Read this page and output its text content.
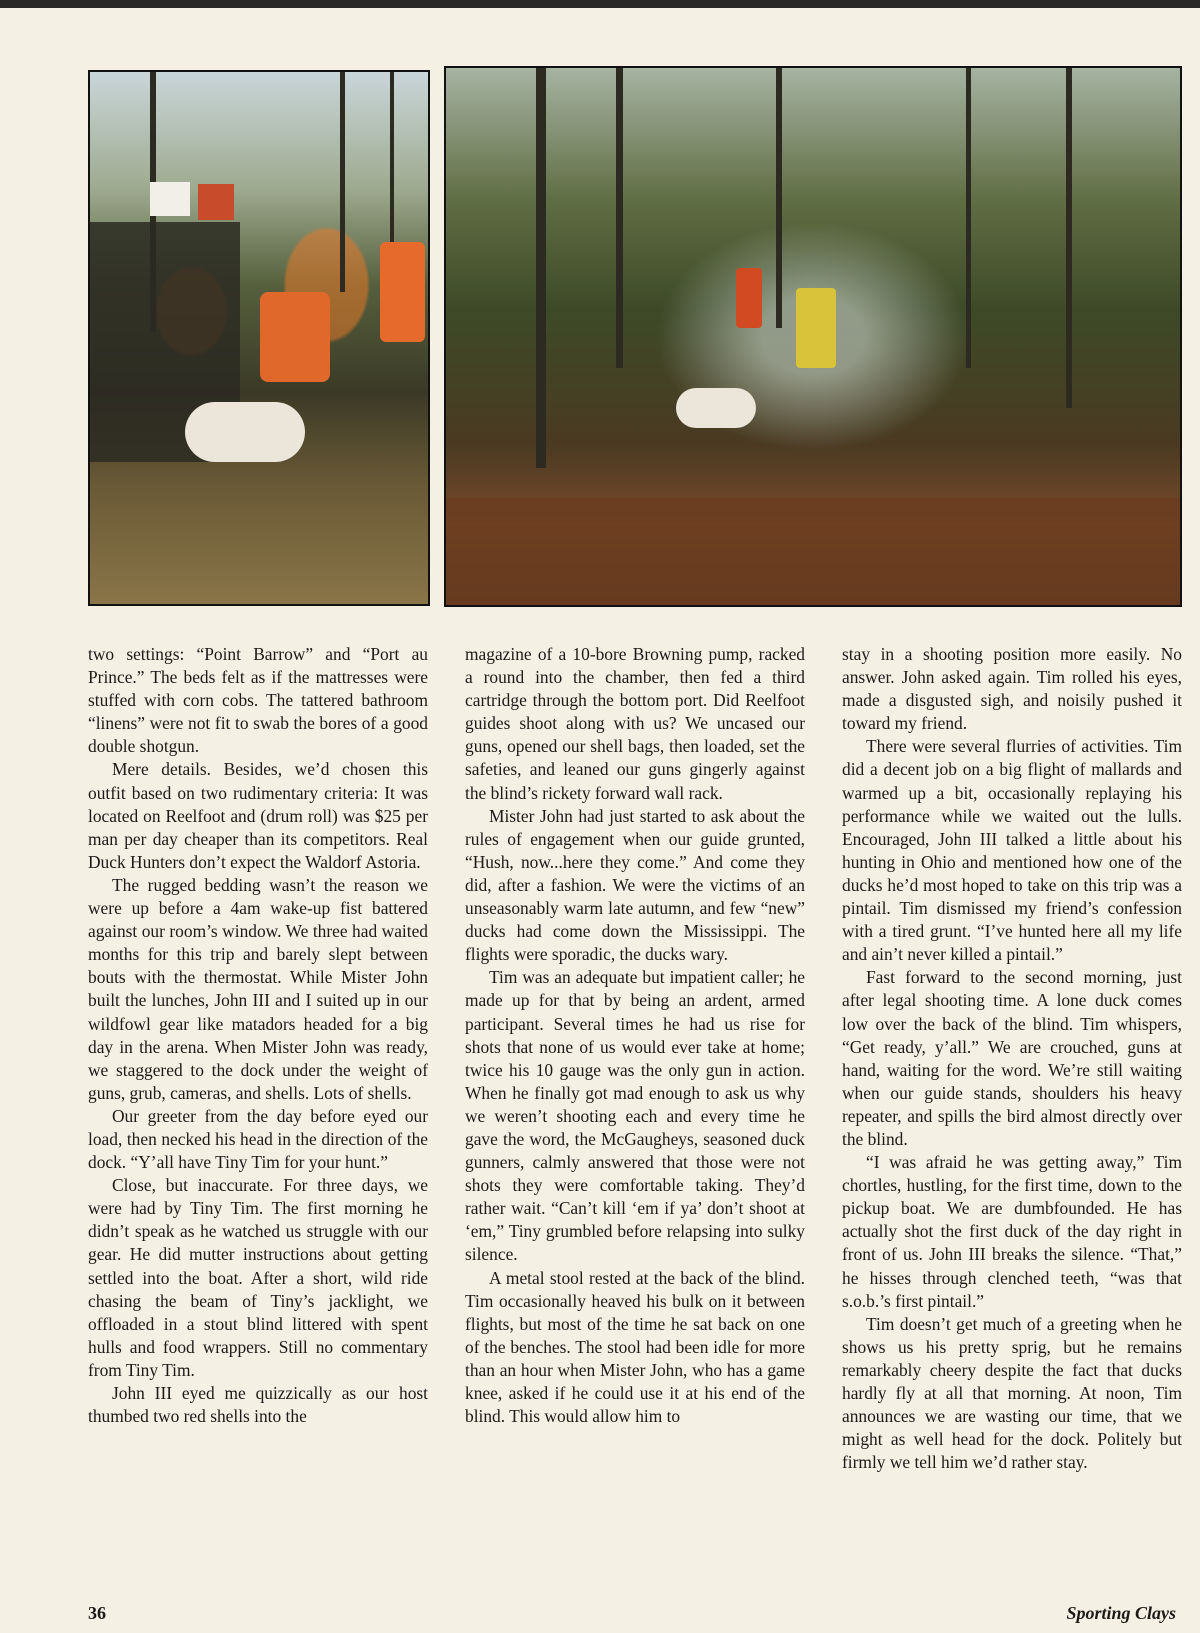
two settings: “Point Barrow” and “Port au Prince.” The beds felt as if the mattresses were stuffed with corn cobs. The tattered bathroom “linens” were not fit to swab the bores of a good double shotgun.

Mere details. Besides, we’d chosen this outfit based on two rudimentary criteria: It was located on Reelfoot and (drum roll) was $25 per man per day cheaper than its competitors. Real Duck Hunters don’t expect the Waldorf Astoria.

The rugged bedding wasn’t the reason we were up before a 4am wake-up fist battered against our room’s window. We three had waited months for this trip and barely slept between bouts with the thermostat. While Mister John built the lunches, John III and I suited up in our wildfowl gear like matadors headed for a big day in the arena. When Mister John was ready, we staggered to the dock under the weight of guns, grub, cameras, and shells. Lots of shells.

Our greeter from the day before eyed our load, then necked his head in the direction of the dock. “Y’all have Tiny Tim for your hunt.”

Close, but inaccurate. For three days, we were had by Tiny Tim. The first morning he didn’t speak as he watched us struggle with our gear. He did mutter instructions about getting settled into the boat. After a short, wild ride chasing the beam of Tiny’s jacklight, we offloaded in a stout blind littered with spent hulls and food wrappers. Still no commentary from Tiny Tim.

John III eyed me quizzically as our host thumbed two red shells into the

magazine of a 10-bore Browning pump, racked a round into the chamber, then fed a third cartridge through the bottom port. Did Reelfoot guides shoot along with us? We uncased our guns, opened our shell bags, then loaded, set the safeties, and leaned our guns gingerly against the blind’s rickety forward wall rack.

Mister John had just started to ask about the rules of engagement when our guide grunted, “Hush, now...here they come.” And come they did, after a fashion. We were the victims of an unseasonably warm late autumn, and few “new” ducks had come down the Mississippi. The flights were sporadic, the ducks wary.

Tim was an adequate but impatient caller; he made up for that by being an ardent, armed participant. Several times he had us rise for shots that none of us would ever take at home; twice his 10 gauge was the only gun in action. When he finally got mad enough to ask us why we weren’t shooting each and every time he gave the word, the McGaugheys, seasoned duck gunners, calmly answered that those were not shots they were comfortable taking. They’d rather wait. “Can’t kill ‘em if ya’ don’t shoot at ‘em,” Tiny grumbled before relapsing into sulky silence.

A metal stool rested at the back of the blind. Tim occasionally heaved his bulk on it between flights, but most of the time he sat back on one of the benches. The stool had been idle for more than an hour when Mister John, who has a game knee, asked if he could use it at his end of the blind. This would allow him to

stay in a shooting position more easily. No answer. John asked again. Tim rolled his eyes, made a disgusted sigh, and noisily pushed it toward my friend.

There were several flurries of activities. Tim did a decent job on a big flight of mallards and warmed up a bit, occasionally replaying his performance while we waited out the lulls. Encouraged, John III talked a little about his hunting in Ohio and mentioned how one of the ducks he’d most hoped to take on this trip was a pintail. Tim dismissed my friend’s confession with a tired grunt. “I’ve hunted here all my life and ain’t never killed a pintail.”

Fast forward to the second morning, just after legal shooting time. A lone duck comes low over the back of the blind. Tim whispers, “Get ready, y’all.” We are crouched, guns at hand, waiting for the word. We’re still waiting when our guide stands, shoulders his heavy repeater, and spills the bird almost directly over the blind.

“I was afraid he was getting away,” Tim chortles, hustling, for the first time, down to the pickup boat. We are dumbfounded. He has actually shot the first duck of the day right in front of us. John III breaks the silence. “That,” he hisses through clenched teeth, “was that s.o.b.’s first pintail.”

Tim doesn’t get much of a greeting when he shows us his pretty sprig, but he remains remarkably cheery despite the fact that ducks hardly fly at all that morning. At noon, Tim announces we are wasting our time, that we might as well head for the dock. Politely but firmly we tell him we’d rather stay.

36	Sporting Clays
